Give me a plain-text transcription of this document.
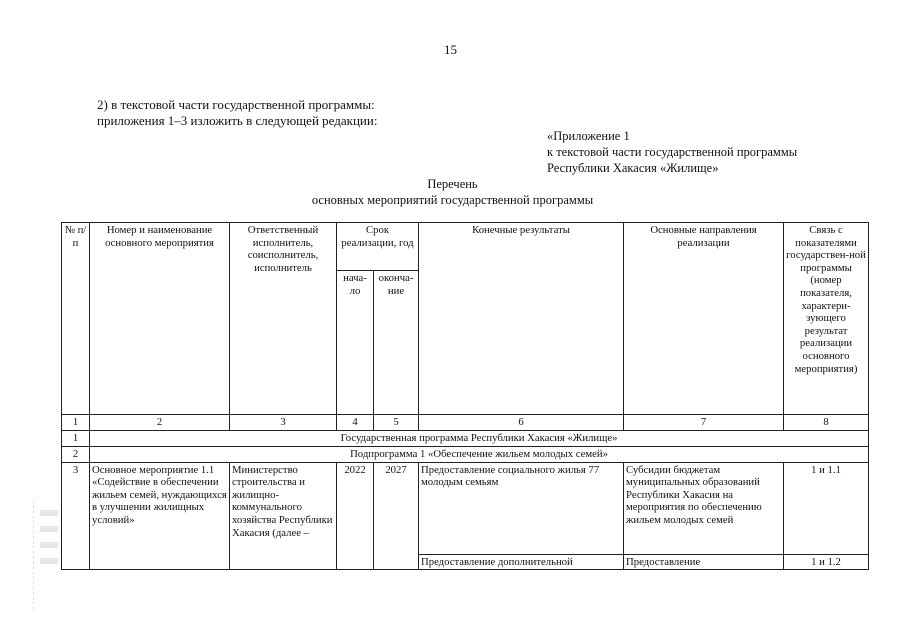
15
2) в текстовой части государственной программы:
приложения 1–3 изложить в следующей редакции:
«Приложение 1
к текстовой части государственной программы
Республики Хакасия «Жилище»
Перечень
основных мероприятий государственной программы
№ п/п	Номер и наименование основного мероприятия	Ответственный исполнитель, соисполнитель, исполнитель	Срок реализации, год		Конечные результаты	Основные направления реализации	Связь с показателями государствен-ной программы (номер показателя, характери-зующего результат реализации основного мероприятия)
			нача-ло	оконча-ние			
1	2	3	4	5	6	7	8
1	Государственная программа Республики Хакасия «Жилище»						
2	Подпрограмма 1 «Обеспечение жильем молодых семей»						
3	Основное мероприятие 1.1 «Содействие в обеспечении жильем семей, нуждающихся в улучшении жилищных условий»	Министерство строительства и жилищно-коммунального хозяйства Республики Хакасия (далее –	2022	2027	Предоставление социального жилья 77 молодым семьям	Субсидии бюджетам муниципальных образований Республики Хакасия на мероприятия по обеспечению жильем молодых семей	1 и 1.1
					Предоставление дополнительной	Предоставление	1 и 1.2
